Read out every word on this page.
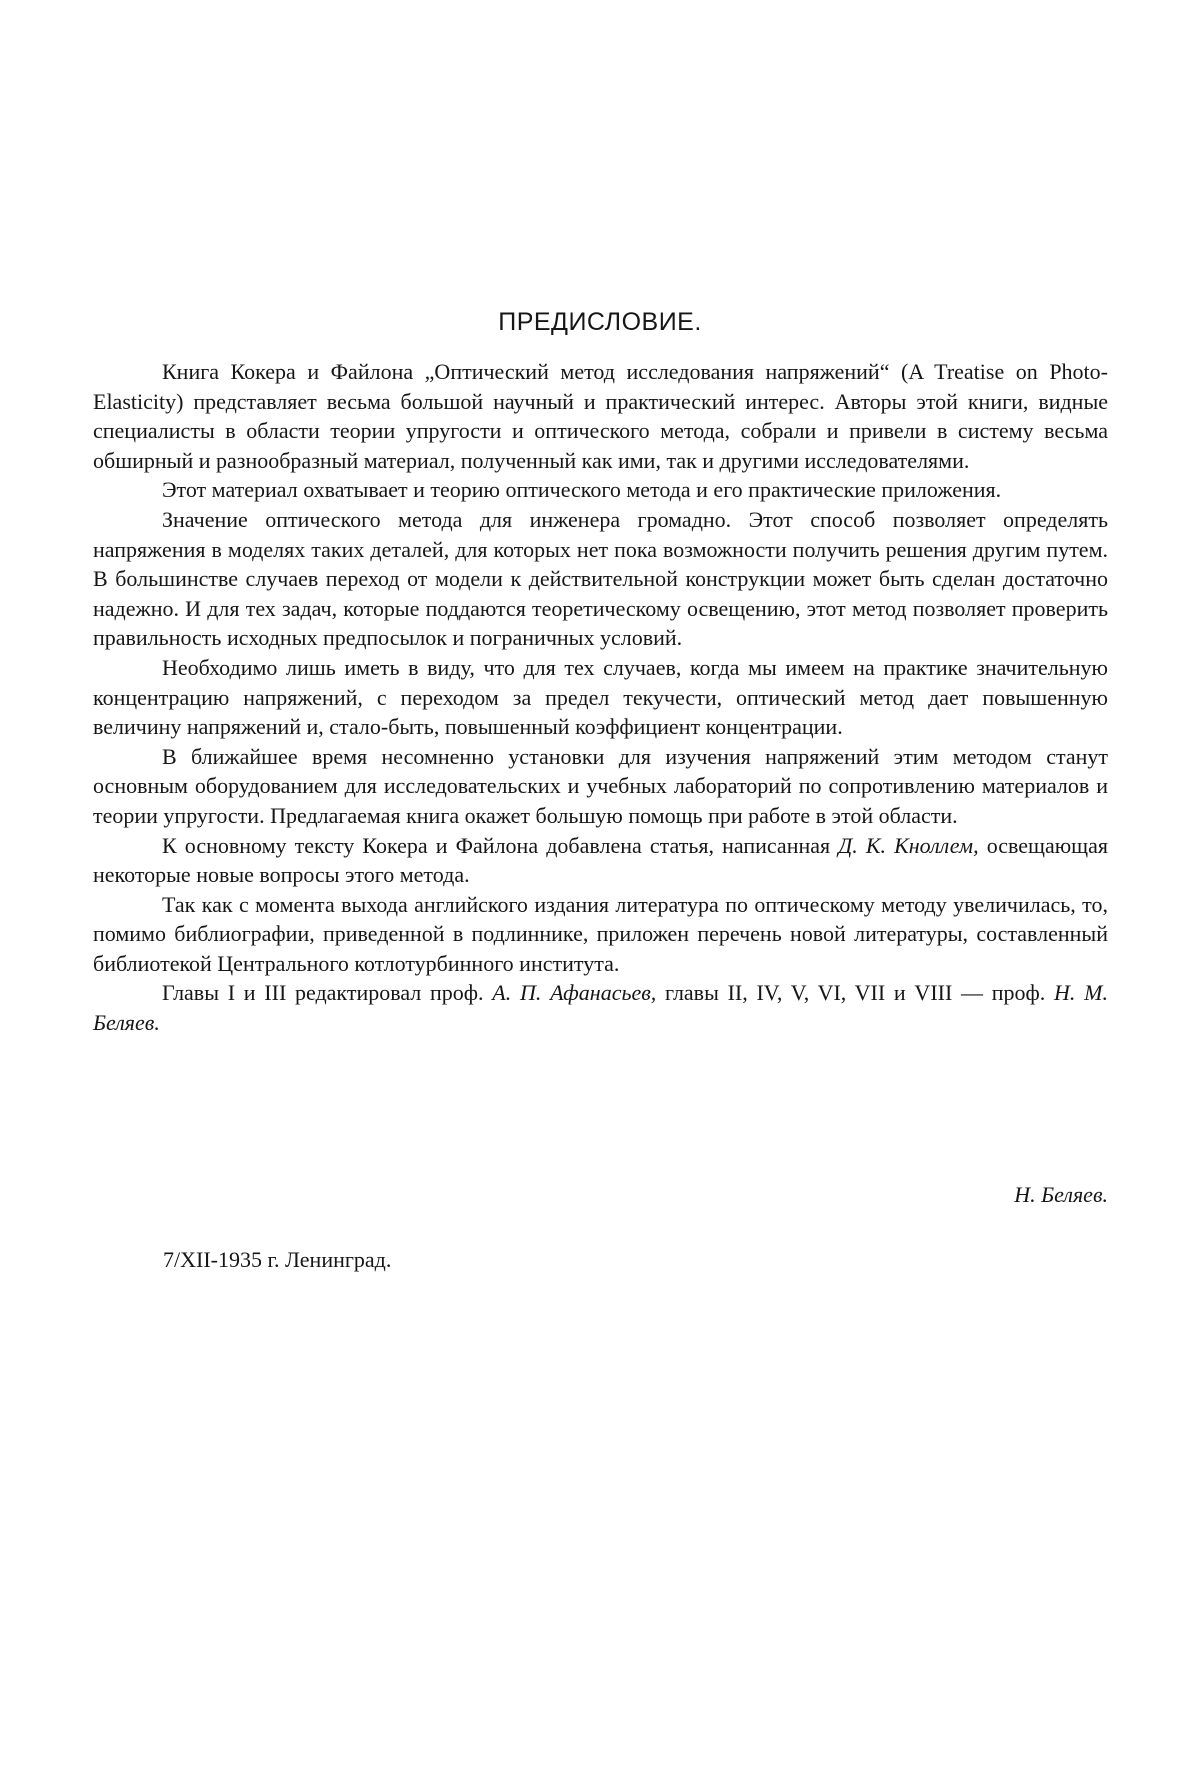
ПРЕДИСЛОВИЕ.

Книга Кокера и Файлона „Оптический метод исследования напряжений“ (A Treatise on Photo-Elasticity) представляет весьма большой научный и практический интерес. Авторы этой книги, видные специалисты в области теории упругости и оптического метода, собрали и привели в систему весьма обширный и разнообразный материал, полученный как ими, так и другими исследователями.

Этот материал охватывает и теорию оптического метода и его практические приложения.

Значение оптического метода для инженера громадно. Этот способ позволяет определять напряжения в моделях таких деталей, для которых нет пока возможности получить решения другим путем. В большинстве случаев переход от модели к действительной конструкции может быть сделан достаточно надежно. И для тех задач, которые поддаются теоретическому освещению, этот метод позволяет проверить правильность исходных предпосылок и пограничных условий.

Необходимо лишь иметь в виду, что для тех случаев, когда мы имеем на практике значительную концентрацию напряжений, с переходом за предел текучести, оптический метод дает повышенную величину напряжений и, стало-быть, повышенный коэффициент концентрации.

В ближайшее время несомненно установки для изучения напряжений этим методом станут основным оборудованием для исследовательских и учебных лабораторий по сопротивлению материалов и теории упругости. Предлагаемая книга окажет большую помощь при работе в этой области.

К основному тексту Кокера и Файлона добавлена статья, написанная Д. К. Кноллем, освещающая некоторые новые вопросы этого метода.

Так как с момента выхода английского издания литература по оптическому методу увеличилась, то, помимо библиографии, приведенной в подлиннике, приложен перечень новой литературы, составленный библиотекой Центрального котлотурбинного института.

Главы I и III редактировал проф. А. П. Афанасьев, главы II, IV, V, VI, VII и VIII — проф. Н. М. Беляев.

Н. Беляев.
7/XII-1935 г. Ленинград.
